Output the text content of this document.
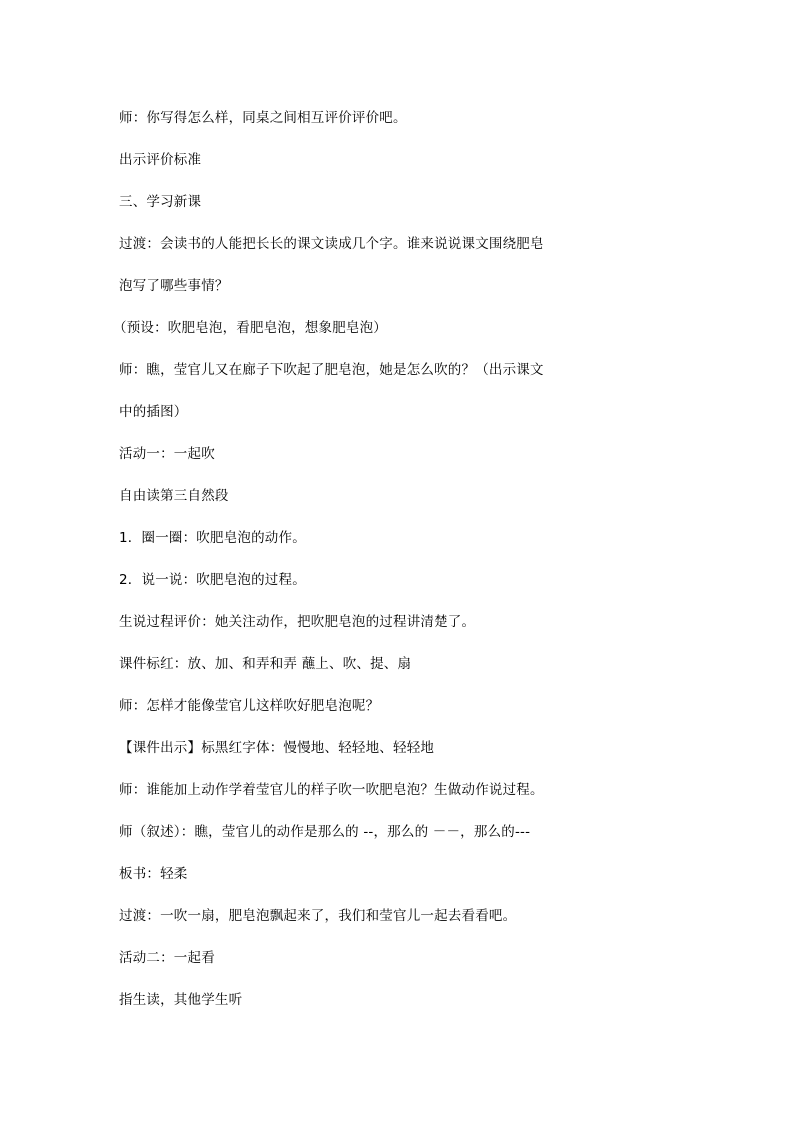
师：你写得怎么样，同桌之间相互评价评价吧。
出示评价标准
三、学习新课
过渡：会读书的人能把长长的课文读成几个字。谁来说说课文围绕肥皂
泡写了哪些事情？
（预设：吹肥皂泡，看肥皂泡，想象肥皂泡）
师：瞧，莹官儿又在廊子下吹起了肥皂泡，她是怎么吹的？（出示课文
中的插图）
活动一：一起吹
自由读第三自然段
1．圈一圈：吹肥皂泡的动作。
2．说一说：吹肥皂泡的过程。
生说过程评价：她关注动作，把吹肥皂泡的过程讲清楚了。
课件标红：放、加、和弄和弄 蘸上、吹、提、扇
师：怎样才能像莹官儿这样吹好肥皂泡呢？
【课件出示】标黑红字体：慢慢地、轻轻地、轻轻地
师：谁能加上动作学着莹官儿的样子吹一吹肥皂泡？生做动作说过程。
师（叙述）：瞧，莹官儿的动作是那么的 --，那么的 －－，那么的---
板书：轻柔
过渡：一吹一扇，肥皂泡飘起来了，我们和莹官儿一起去看看吧。
活动二：一起看
指生读，其他学生听
